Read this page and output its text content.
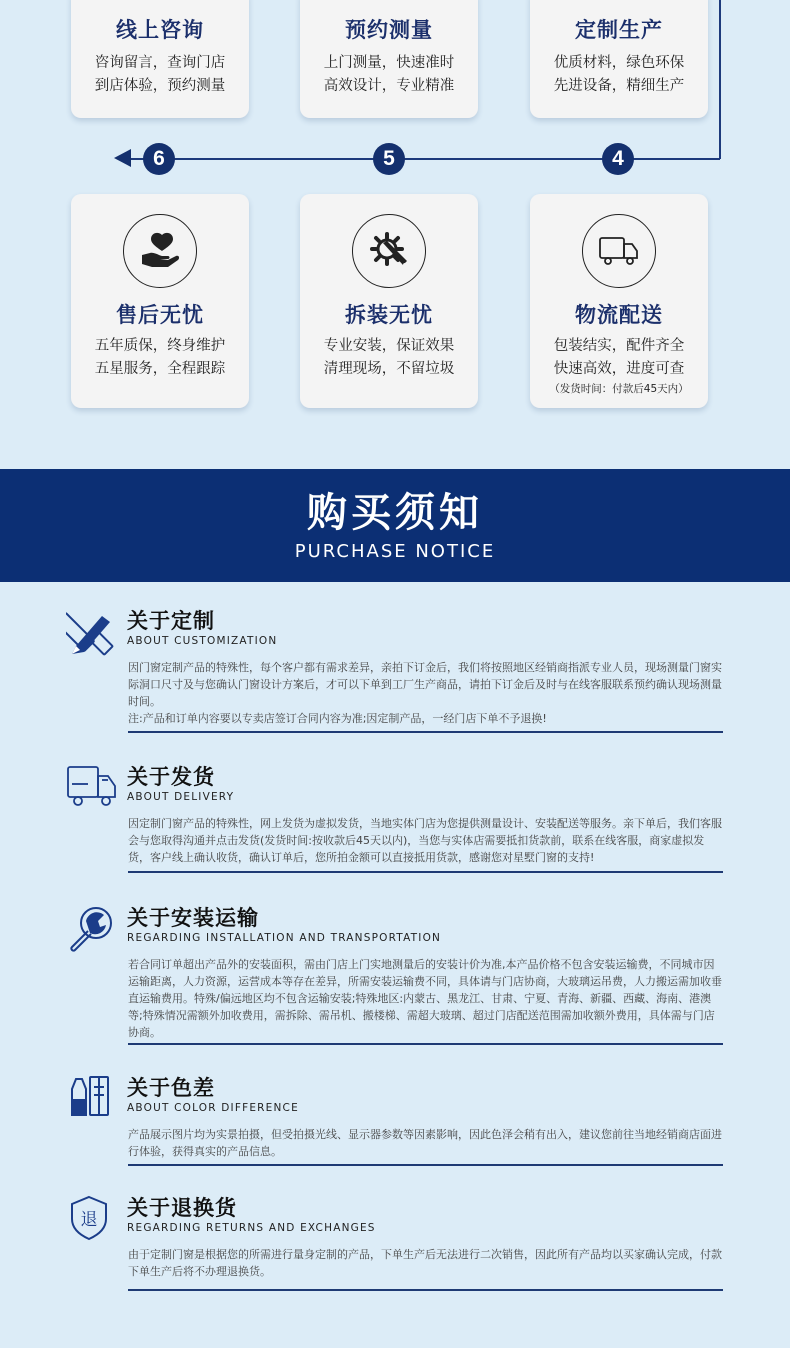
线上咨询
咨询留言，查询门店
到店体验，预约测量
预约测量
上门测量，快速准时
高效设计，专业精准
定制生产
优质材料，绿色环保
先进设备，精细生产
6	5	4
售后无忧
五年质保，终身维护
五星服务，全程跟踪
拆装无忧
专业安装，保证效果
清理现场，不留垃圾
物流配送
包装结实，配件齐全
快速高效，进度可查
（发货时间：付款后45天内）
购买须知
PURCHASE NOTICE
关于定制
ABOUT CUSTOMIZATION
因门窗定制产品的特殊性，每个客户都有需求差异，亲拍下订金后，我们将按照地区经销商指派专业人员，现场测量门窗实际洞口尺寸及与您确认门窗设计方案后，才可以下单到工厂生产商品，请拍下订金后及时与在线客服联系预约确认现场测量时间。
注:产品和订单内容要以专卖店签订合同内容为准;因定制产品，一经门店下单不予退换!
关于发货
ABOUT DELIVERY
因定制门窗产品的特殊性，网上发货为虚拟发货，当地实体门店为您提供测量设计、安装配送等服务。亲下单后，我们客服会与您取得沟通并点击发货(发货时间:按收款后45天以内)，当您与实体店需要抵扣货款前，联系在线客服，商家虚拟发货，客户线上确认收货，确认订单后，您所拍金额可以直接抵用货款，感谢您对星墅门窗的支持!
关于安装运输
REGARDING INSTALLATION AND TRANSPORTATION
若合同订单超出产品外的安装面积，需由门店上门实地测量后的安装计价为准,本产品价格不包含安装运输费，不同城市因运输距离，人力资源，运营成本等存在差异，所需安装运输费不同，具体请与门店协商，大玻璃运吊费，人力搬运需加收垂直运输费用。特殊/偏远地区均不包含运输安装;特殊地区:内蒙古、黑龙江、甘肃、宁夏、青海、新疆、西藏、海南、港澳等;特殊情况需额外加收费用，需拆除、需吊机、搬楼梯、需超大玻璃、超过门店配送范围需加收额外费用，具体需与门店协商。
关于色差
ABOUT COLOR DIFFERENCE
产品展示图片均为实景拍摄，但受拍摄光线、显示器参数等因素影响，因此色泽会稍有出入，建议您前往当地经销商店面进行体验，获得真实的产品信息。
退 关于退换货
REGARDING RETURNS AND EXCHANGES
由于定制门窗是根据您的所需进行量身定制的产品，下单生产后无法进行二次销售，因此所有产品均以买家确认完成，付款下单生产后将不办理退换货。
